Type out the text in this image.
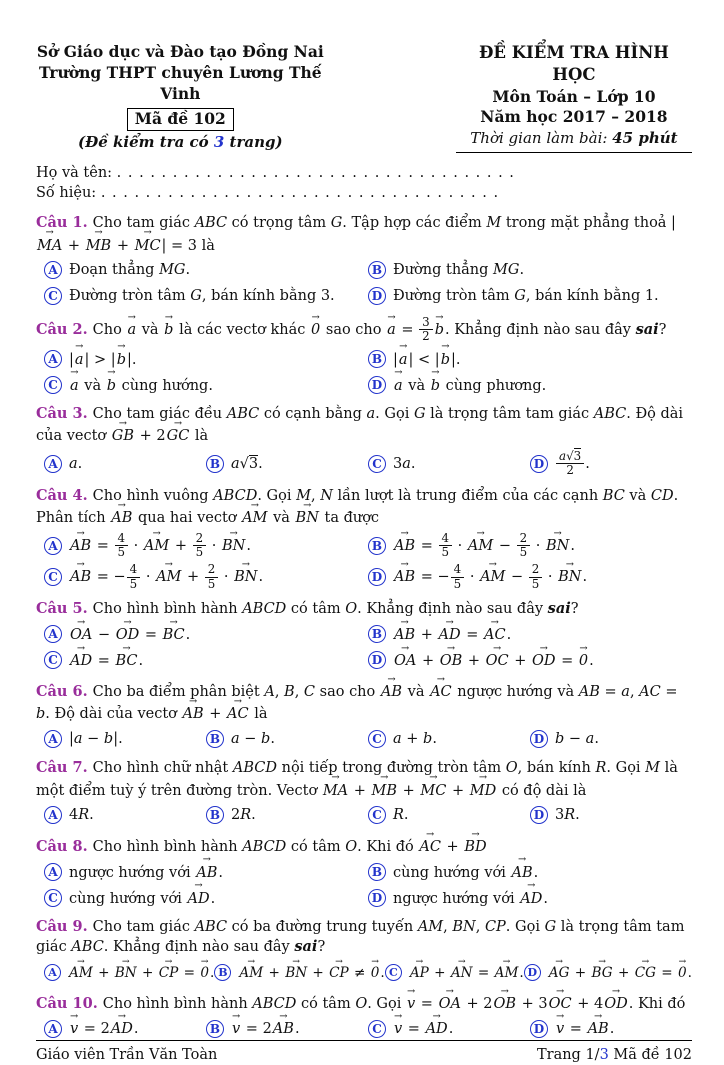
Sở Giáo dục và Đào tạo Đồng Nai
Trường THPT chuyên Lương Thế Vinh
Mã đề 102
(Đề kiểm tra có 3 trang)
ĐỀ KIỂM TRA HÌNH HỌC
Môn Toán – Lớp 10
Năm học 2017 – 2018
Thời gian làm bài: 45 phút
Họ và tên: . . . . . . . . . . . . . . . . . . . . . . . . . . . . . . . . . . . .
Số hiệu: . . . . . . . . . . . . . . . . . . . . . . . . . . . . . . . . . . . .

Câu 1. Cho tam giác ABC có trọng tâm G. Tập hợp các điểm M trong mặt phẳng thoả |→ MA + → MB + → MC| = 3 là

A Đoạn thẳng MG.	B Đường thẳng MG.
C Đường tròn tâm G, bán kính bằng 3.	D Đường tròn tâm G, bán kính bằng 1.

Câu 2. Cho → a và → b là các vectơ khác → 0 sao cho → $a = \frac{3}{2} \to b$. Khẳng định nào sau đây sai?

A |→ a| > |→ b|.	B |→ a| < |→ b|.
C → a và → b cùng hướng.	D → a và → b cùng phương.

Câu 3. Cho tam giác đều ABC có cạnh bằng a. Gọi G là trọng tâm tam giác ABC. Độ dài của vectơ → GB + 2→ GC là

A a.	B a√3.	C 3a.	D $\frac{a√3}{2}$ .

Câu 4. Cho hình vuông ABCD. Gọi M, N lần lượt là trung điểm của các cạnh BC và CD. Phân tích → AB qua hai vectơ → AM và → BN ta được

A → AB = $\frac{4}{5}$ · → AM + $\frac{2}{5}$ · → BN.	B → AB = $\frac{4}{5}$ · → AM − $\frac{2}{5}$ · → BN.
C → AB = − $\frac{4}{5}$ · → AM + $\frac{2}{5}$ · → BN.	D → AB = − $\frac{4}{5}$ · → AM − $\frac{2}{5}$ · → BN.

Câu 5. Cho hình bình hành ABCD có tâm O. Khẳng định nào sau đây sai?

A → OA − → OD = → BC.	B → AB + → AD = → AC.
C → AD = → BC.	D → OA + → OB + → OC + → OD = → 0.

Câu 6. Cho ba điểm phân biệt A, B, C sao cho → AB và → AC ngược hướng và AB = a, AC = b. Độ dài của vectơ → AB + → AC là

A |a − b|.	B a − b.	C a + b.	D b − a.

Câu 7. Cho hình chữ nhật ABCD nội tiếp trong đường tròn tâm O, bán kính R. Gọi M là một điểm tuỳ ý trên đường tròn. Vectơ → MA + → MB + → MC + → MD có độ dài là

A 4R.	B 2R.	C R.	D 3R.

Câu 8. Cho hình bình hành ABCD có tâm O. Khi đó → AC + → BD

A ngược hướng với → AB.	B cùng hướng với → AB.
C cùng hướng với → AD.	D ngược hướng với → AD.

Câu 9. Cho tam giác ABC có ba đường trung tuyến AM, BN, CP. Gọi G là trọng tâm tam giác ABC. Khẳng định nào sau đây sai?

A → AM + → BN + → CP = → 0. B → AM + → BN + → CP ≠ → 0. C → AP + → AN = → AM. D → AG + → BG + → CG = → 0.

Câu 10. Cho hình bình hành ABCD có tâm O. Gọi → v = → OA + 2→ OB + 3→ OC + 4→ OD. Khi đó

A → v = 2→ AD.	B → v = 2→ AB.	C → v = → AD.	D → v = → AB.
Giáo viên Trần Văn Toàn	Trang 1/3 Mã đề 102
